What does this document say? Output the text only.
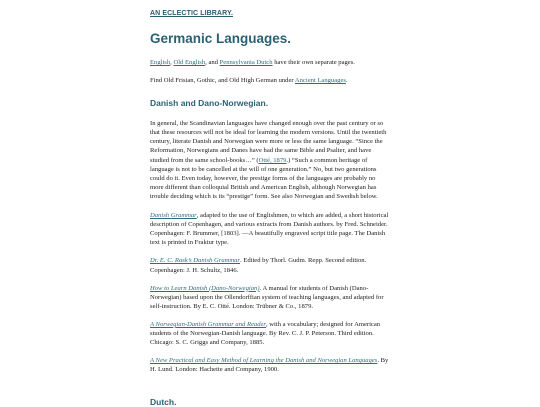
AN ECLECTIC LIBRARY.
Germanic Languages.

English, Old English, and Pennsylvania Dutch have their own separate pages.

Find Old Frisian, Gothic, and Old High German under Ancient Languages.

Danish and Dano-Norwegian.

In general, the Scandinavian languages have changed enough over the past century or so that these resources will not be ideal for learning the modern versions. Until the twentieth century, literate Danish and Norwegian were more or less the same language. “Since the Reformation, Norwegians and Danes have had the same Bible and Psalter, and have studied from the same school-books…” (Otté, 1879.) “Such a common heritage of language is not to be cancelled at the will of one generation.” No, but two generations could do it. Even today, however, the prestige forms of the languages are probably no more different than colloquial British and American English, although Norwegian has trouble deciding which is its “prestige” form. See also Norwegian and Swedish below.

Danish Grammar, adapted to the use of Englishmen, to which are added, a short historical description of Copenhagen, and various extracts from Danish authors. by Fred. Schneider. Copenhagen: F. Brummer, [1803]. —A beautifully engraved script title page. The Danish text is printed in Fraktur type.

Dr. E. C. Rask’s Danish Grammar. Edited by Thorl. Gudm. Repp. Second edition. Copenhagen: J. H. Schultz, 1846.

How to Learn Danish (Dano-Norwegian). A manual for students of Danish (Dano-Norwegian) based upon the Ollendorffian system of teaching languages, and adapted for self-instruction. By E. C. Otté. London: Trübner & Co., 1879.

A Norwegian-Danish Grammar and Reader, with a vocabulary; designed for American students of the Norwegian-Danish language. By Rev. C. J. P. Peterson. Third edition. Chicago: S. C. Griggs and Company, 1885.

A New Practical and Easy Method of Learning the Danish and Norwegian Languages. By H. Lund. London: Hachette and Company, 1900.

Dutch.
